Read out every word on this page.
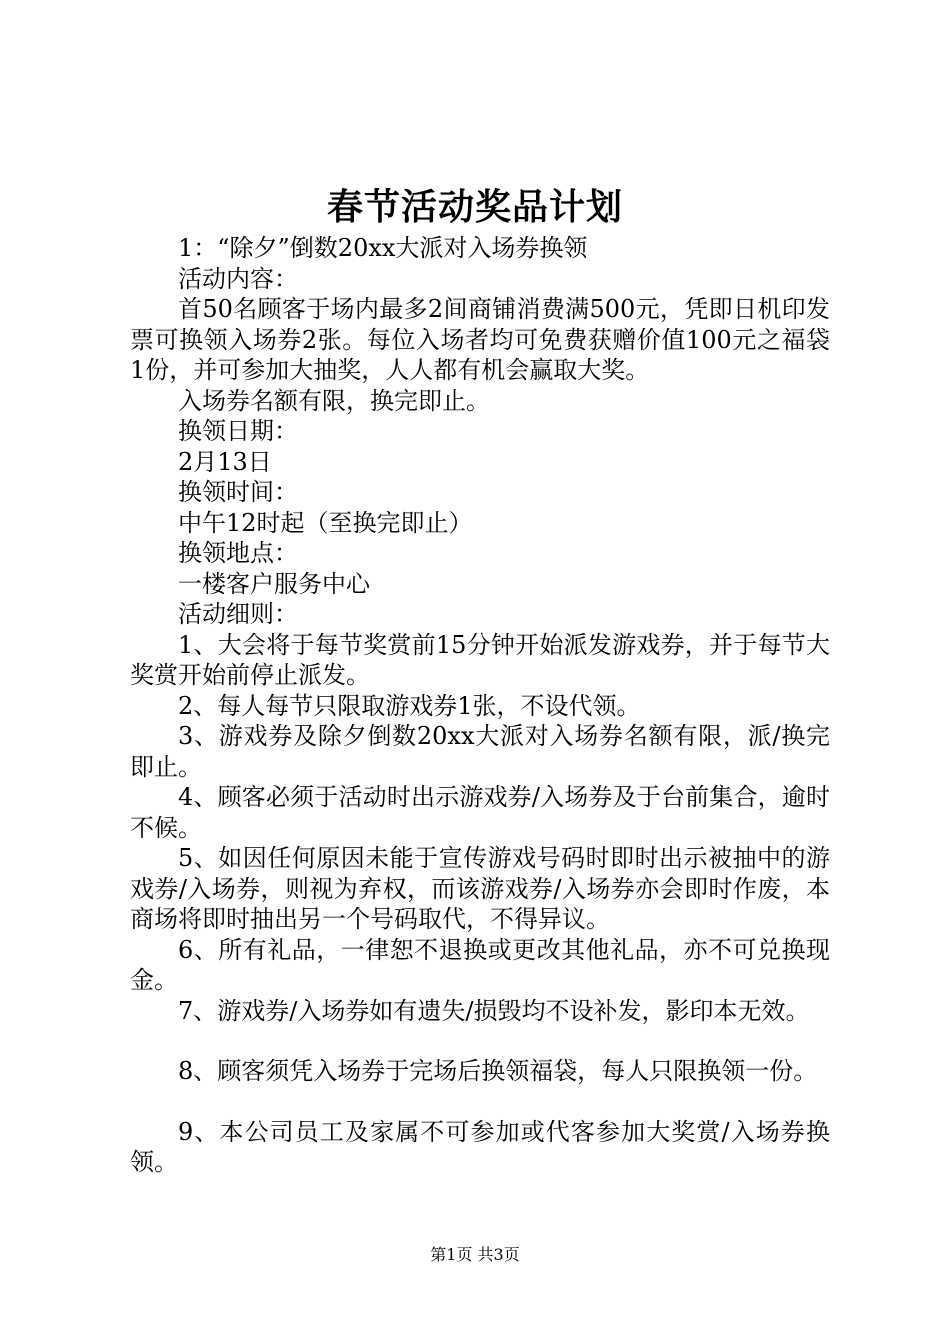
春节活动奖品计划

1：“除夕”倒数20xx大派对入场券换领

活动内容：

首50名顾客于场内最多2间商铺消费满500元，凭即日机印发票可换领入场券2张。每位入场者均可免费获赠价值100元之福袋1份，并可参加大抽奖，人人都有机会赢取大奖。

入场券名额有限，换完即止。

换领日期：

2月13日

换领时间：

中午12时起（至换完即止）

换领地点：

一楼客户服务中心

活动细则：

1、大会将于每节奖赏前15分钟开始派发游戏券，并于每节大奖赏开始前停止派发。

2、每人每节只限取游戏券1张，不设代领。

3、游戏券及除夕倒数20xx大派对入场券名额有限，派/换完即止。

4、顾客必须于活动时出示游戏券/入场券及于台前集合，逾时不候。

5、如因任何原因未能于宣传游戏号码时即时出示被抽中的游戏券/入场券，则视为弃权，而该游戏券/入场券亦会即时作废，本商场将即时抽出另一个号码取代，不得异议。

6、所有礼品，一律恕不退换或更改其他礼品，亦不可兑换现金。

7、游戏券/入场券如有遗失/损毁均不设补发，影印本无效。

8、顾客须凭入场券于完场后换领福袋，每人只限换领一份。

9、本公司员工及家属不可参加或代客参加大奖赏/入场券换领。

第1页 共3页
